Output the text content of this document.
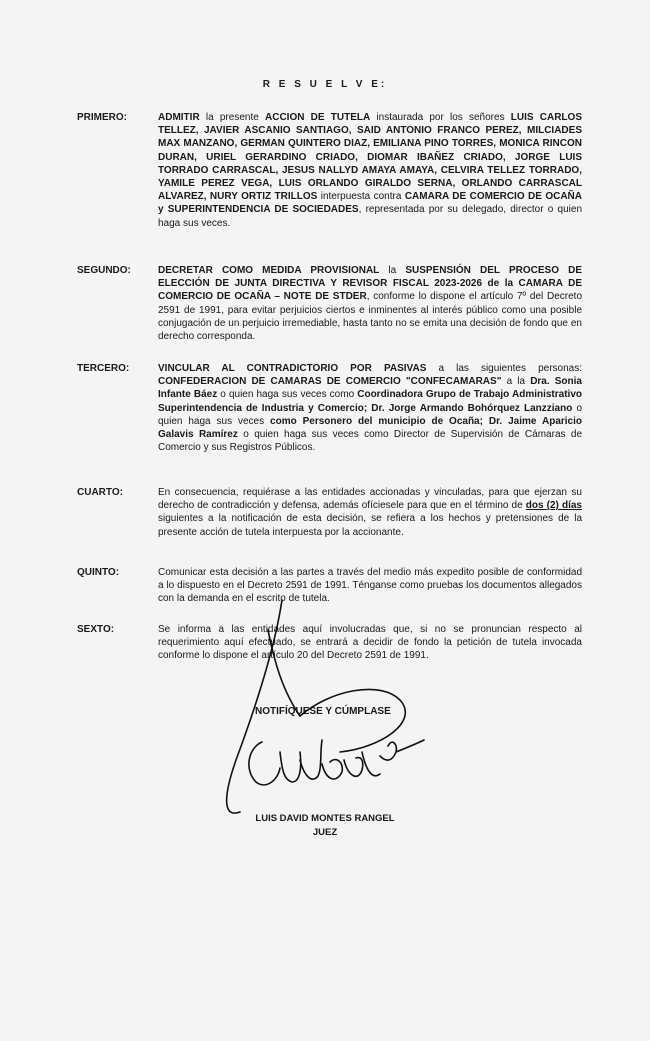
R E S U E L V E:
PRIMERO:	ADMITIR la presente ACCION DE TUTELA instaurada por los señores LUIS CARLOS TELLEZ, JAVIER ASCANIO SANTIAGO, SAID ANTONIO FRANCO PEREZ, MILCIADES MAX MANZANO, GERMAN QUINTERO DIAZ, EMILIANA PINO TORRES, MONICA RINCON DURAN, URIEL GERARDINO CRIADO, DIOMAR IBAÑEZ CRIADO, JORGE LUIS TORRADO CARRASCAL, JESUS NALLYD AMAYA AMAYA, CELVIRA TELLEZ TORRADO, YAMILE PEREZ VEGA, LUIS ORLANDO GIRALDO SERNA, ORLANDO CARRASCAL ALVAREZ, NURY ORTIZ TRILLOS interpuesta contra CAMARA DE COMERCIO DE OCAÑA y SUPERINTENDENCIA DE SOCIEDADES, representada por su delegado, director o quien haga sus veces.
SEGUNDO:	DECRETAR COMO MEDIDA PROVISIONAL la SUSPENSIÓN DEL PROCESO DE ELECCIÓN DE JUNTA DIRECTIVA Y REVISOR FISCAL 2023-2026 de la CAMARA DE COMERCIO DE OCAÑA – NOTE DE STDER, conforme lo dispone el artículo 7º del Decreto 2591 de 1991, para evitar perjuicios ciertos e inminentes al interés público como una posible conjugación de un perjuicio irremediable, hasta tanto no se emita una decisión de fondo que en derecho corresponda.
TERCERO:	VINCULAR AL CONTRADICTORIO POR PASIVAS a las siguientes personas: CONFEDERACION DE CAMARAS DE COMERCIO "CONFECAMARAS" a la Dra. Sonia Infante Báez o quien haga sus veces como Coordinadora Grupo de Trabajo Administrativo Superintendencia de Industria y Comercio; Dr. Jorge Armando Bohórquez Lanzziano o quien haga sus veces como Personero del municipio de Ocaña; Dr. Jaime Aparicio Galavis Ramírez o quien haga sus veces como Director de Supervisión de Cámaras de Comercio y sus Registros Públicos.
CUARTO:	En consecuencia, requiérase a las entidades accionadas y vinculadas, para que ejerzan su derecho de contradicción y defensa, además ofíciesele para que en el término de dos (2) días siguientes a la notificación de esta decisión, se refiera a los hechos y pretensiones de la presente acción de tutela interpuesta por la accionante.
QUINTO:	Comunicar esta decisión a las partes a través del medio más expedito posible de conformidad a lo dispuesto en el Decreto 2591 de 1991. Ténganse como pruebas los documentos allegados con la demanda en el escrito de tutela.
SEXTO:	Se informa a las entidades aquí involucradas que, si no se pronuncian respecto al requerimiento aquí efectuado, se entrará a decidir de fondo la petición de tutela invocada conforme lo dispone el artículo 20 del Decreto 2591 de 1991.
NOTIFÍQUESE Y CÚMPLASE
LUIS DAVID MONTES RANGEL
JUEZ
